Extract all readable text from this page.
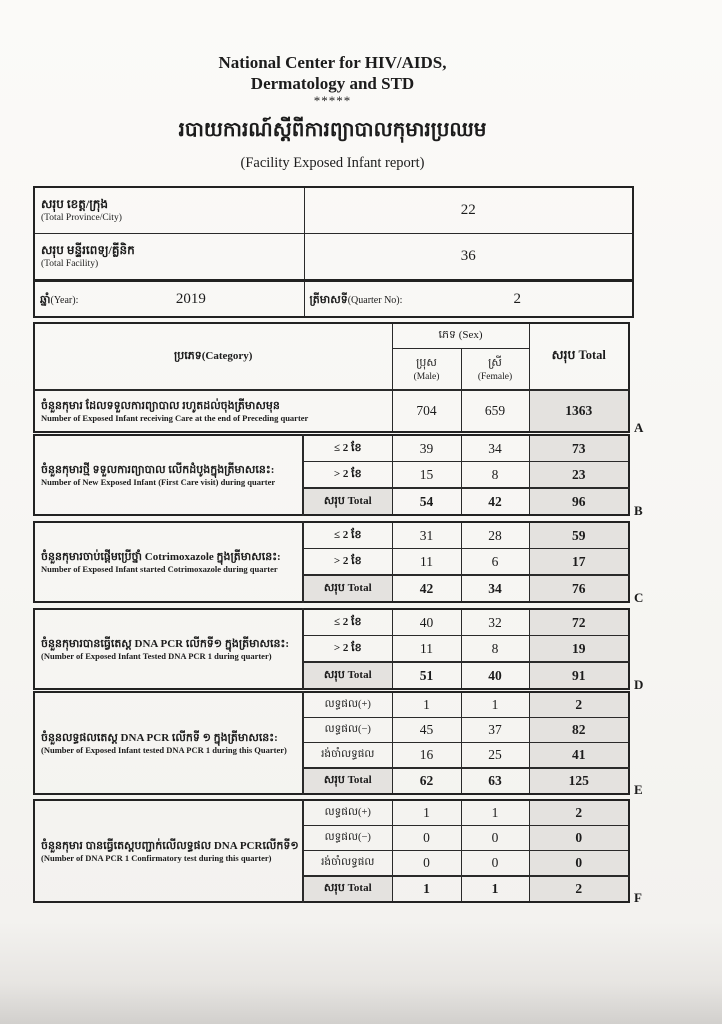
National Center for HIV/AIDS,
Dermatology and STD
*****
របាយការណ៍ស្តីពីការព្យាបាលកុមារប្រឈម
(Facility Exposed Infant report)
សរុប ខេត្ត/ក្រុង
(Total Province/City)	22

សរុប មន្ទីរពេទ្យ/គ្លីនិក
(Total Facility)	36
ឆ្នាំ(Year):	2019	ត្រីមាសទី(Quarter No):	2
ប្រភេទ(Category)	ភេទ (Sex)		សរុប Total

ប្រុស
(Male)

ស្រី
(Female)

ចំនួនកុមារ ដែលទទួលការព្យាបាល រហូតដល់ចុងត្រីមាសមុន
Number of Exposed Infant receiving Care at the end of Preceding quarter	704	659	1363
A
ចំនួនកុមារថ្មី ទទួលការព្យាបាល លើកដំបូងក្នុងត្រីមាសនេះ:
Number of New Exposed Infant (First Care visit) during quarter	≤ 2 ខែ	39	34	73
	> 2 ខែ	15	8	23
	សរុប Total	54	42	96
B
ចំនួនកុមារចាប់ផ្តើមប្រើថ្នាំ Cotrimoxazole ក្នុងត្រីមាសនេះ:
Number of Exposed Infant started Cotrimoxazole during quarter	≤ 2 ខែ	31	28	59
	> 2 ខែ	11	6	17
	សរុប Total	42	34	76
C
ចំនួនកុមារបានធ្វើតេស្ត DNA PCR លើកទី១ ក្នុងត្រីមាសនេះ:
(Number of Exposed Infant Tested DNA PCR 1 during quarter)	≤ 2 ខែ	40	32	72
	> 2 ខែ	11	8	19
	សរុប Total	51	40	91
D
ចំនួនលទ្ធផលតេស្ត DNA PCR លើកទី ១ ក្នុងត្រីមាសនេះ:
(Number of Exposed Infant tested DNA PCR 1 during this Quarter)	លទ្ធផល(+)	1	1	2
	លទ្ធផល(−)	45	37	82
	រង់ចាំលទ្ធផល	16	25	41
	សរុប Total	62	63	125
E
ចំនួនកុមារ បានធ្វើតេស្តបញ្ជាក់លើលទ្ធផល DNA PCRលើកទី១
(Number of DNA PCR 1 Confirmatory test during this quarter)	លទ្ធផល(+)	1	1	2
	លទ្ធផល(−)	0	0	0
	រង់ចាំលទ្ធផល	0	0	0
	សរុប Total	1	1	2
F
